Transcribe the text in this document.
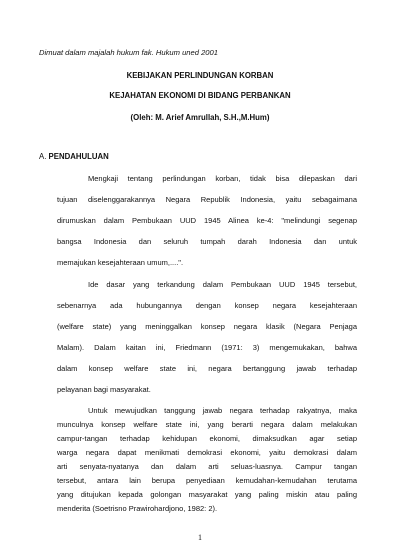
Dimuat dalam majalah hukum fak. Hukum uned 2001
KEBIJAKAN PERLINDUNGAN KORBAN
KEJAHATAN EKONOMI DI BIDANG PERBANKAN
(Oleh: M. Arief Amrullah, S.H.,M.Hum)
A. PENDAHULUAN
Mengkaji tentang perlindungan korban, tidak bisa dilepaskan dari
tujuan diselenggarakannya Negara Republik Indonesia, yaitu sebagaimana
dirumuskan dalam Pembukaan UUD 1945 Alinea ke-4: "melindungi segenap
bangsa Indonesia dan seluruh tumpah darah Indonesia dan untuk
memajukan kesejahteraan umum,....".
Ide dasar yang terkandung dalam Pembukaan UUD 1945 tersebut,
sebenarnya ada hubungannya dengan konsep negara kesejahteraan
(welfare state) yang meninggalkan konsep negara klasik (Negara Penjaga
Malam). Dalam kaitan ini, Friedmann (1971: 3) mengemukakan, bahwa
dalam konsep welfare state ini, negara bertanggung jawab terhadap
pelayanan bagi masyarakat.
Untuk mewujudkan tanggung jawab negara terhadap rakyatnya, maka
munculnya konsep welfare state ini, yang berarti negara dalam melakukan
campur-tangan terhadap kehidupan ekonomi, dimaksudkan agar setiap
warga negara dapat menikmati demokrasi ekonomi, yaitu demokrasi dalam
arti senyata-nyatanya dan dalam arti seluas-luasnya. Campur tangan
tersebut, antara lain berupa penyediaan kemudahan-kemudahan terutama
yang ditujukan kepada golongan masyarakat yang paling miskin atau paling
menderita (Soetrisno Prawirohardjono, 1982: 2).
1
